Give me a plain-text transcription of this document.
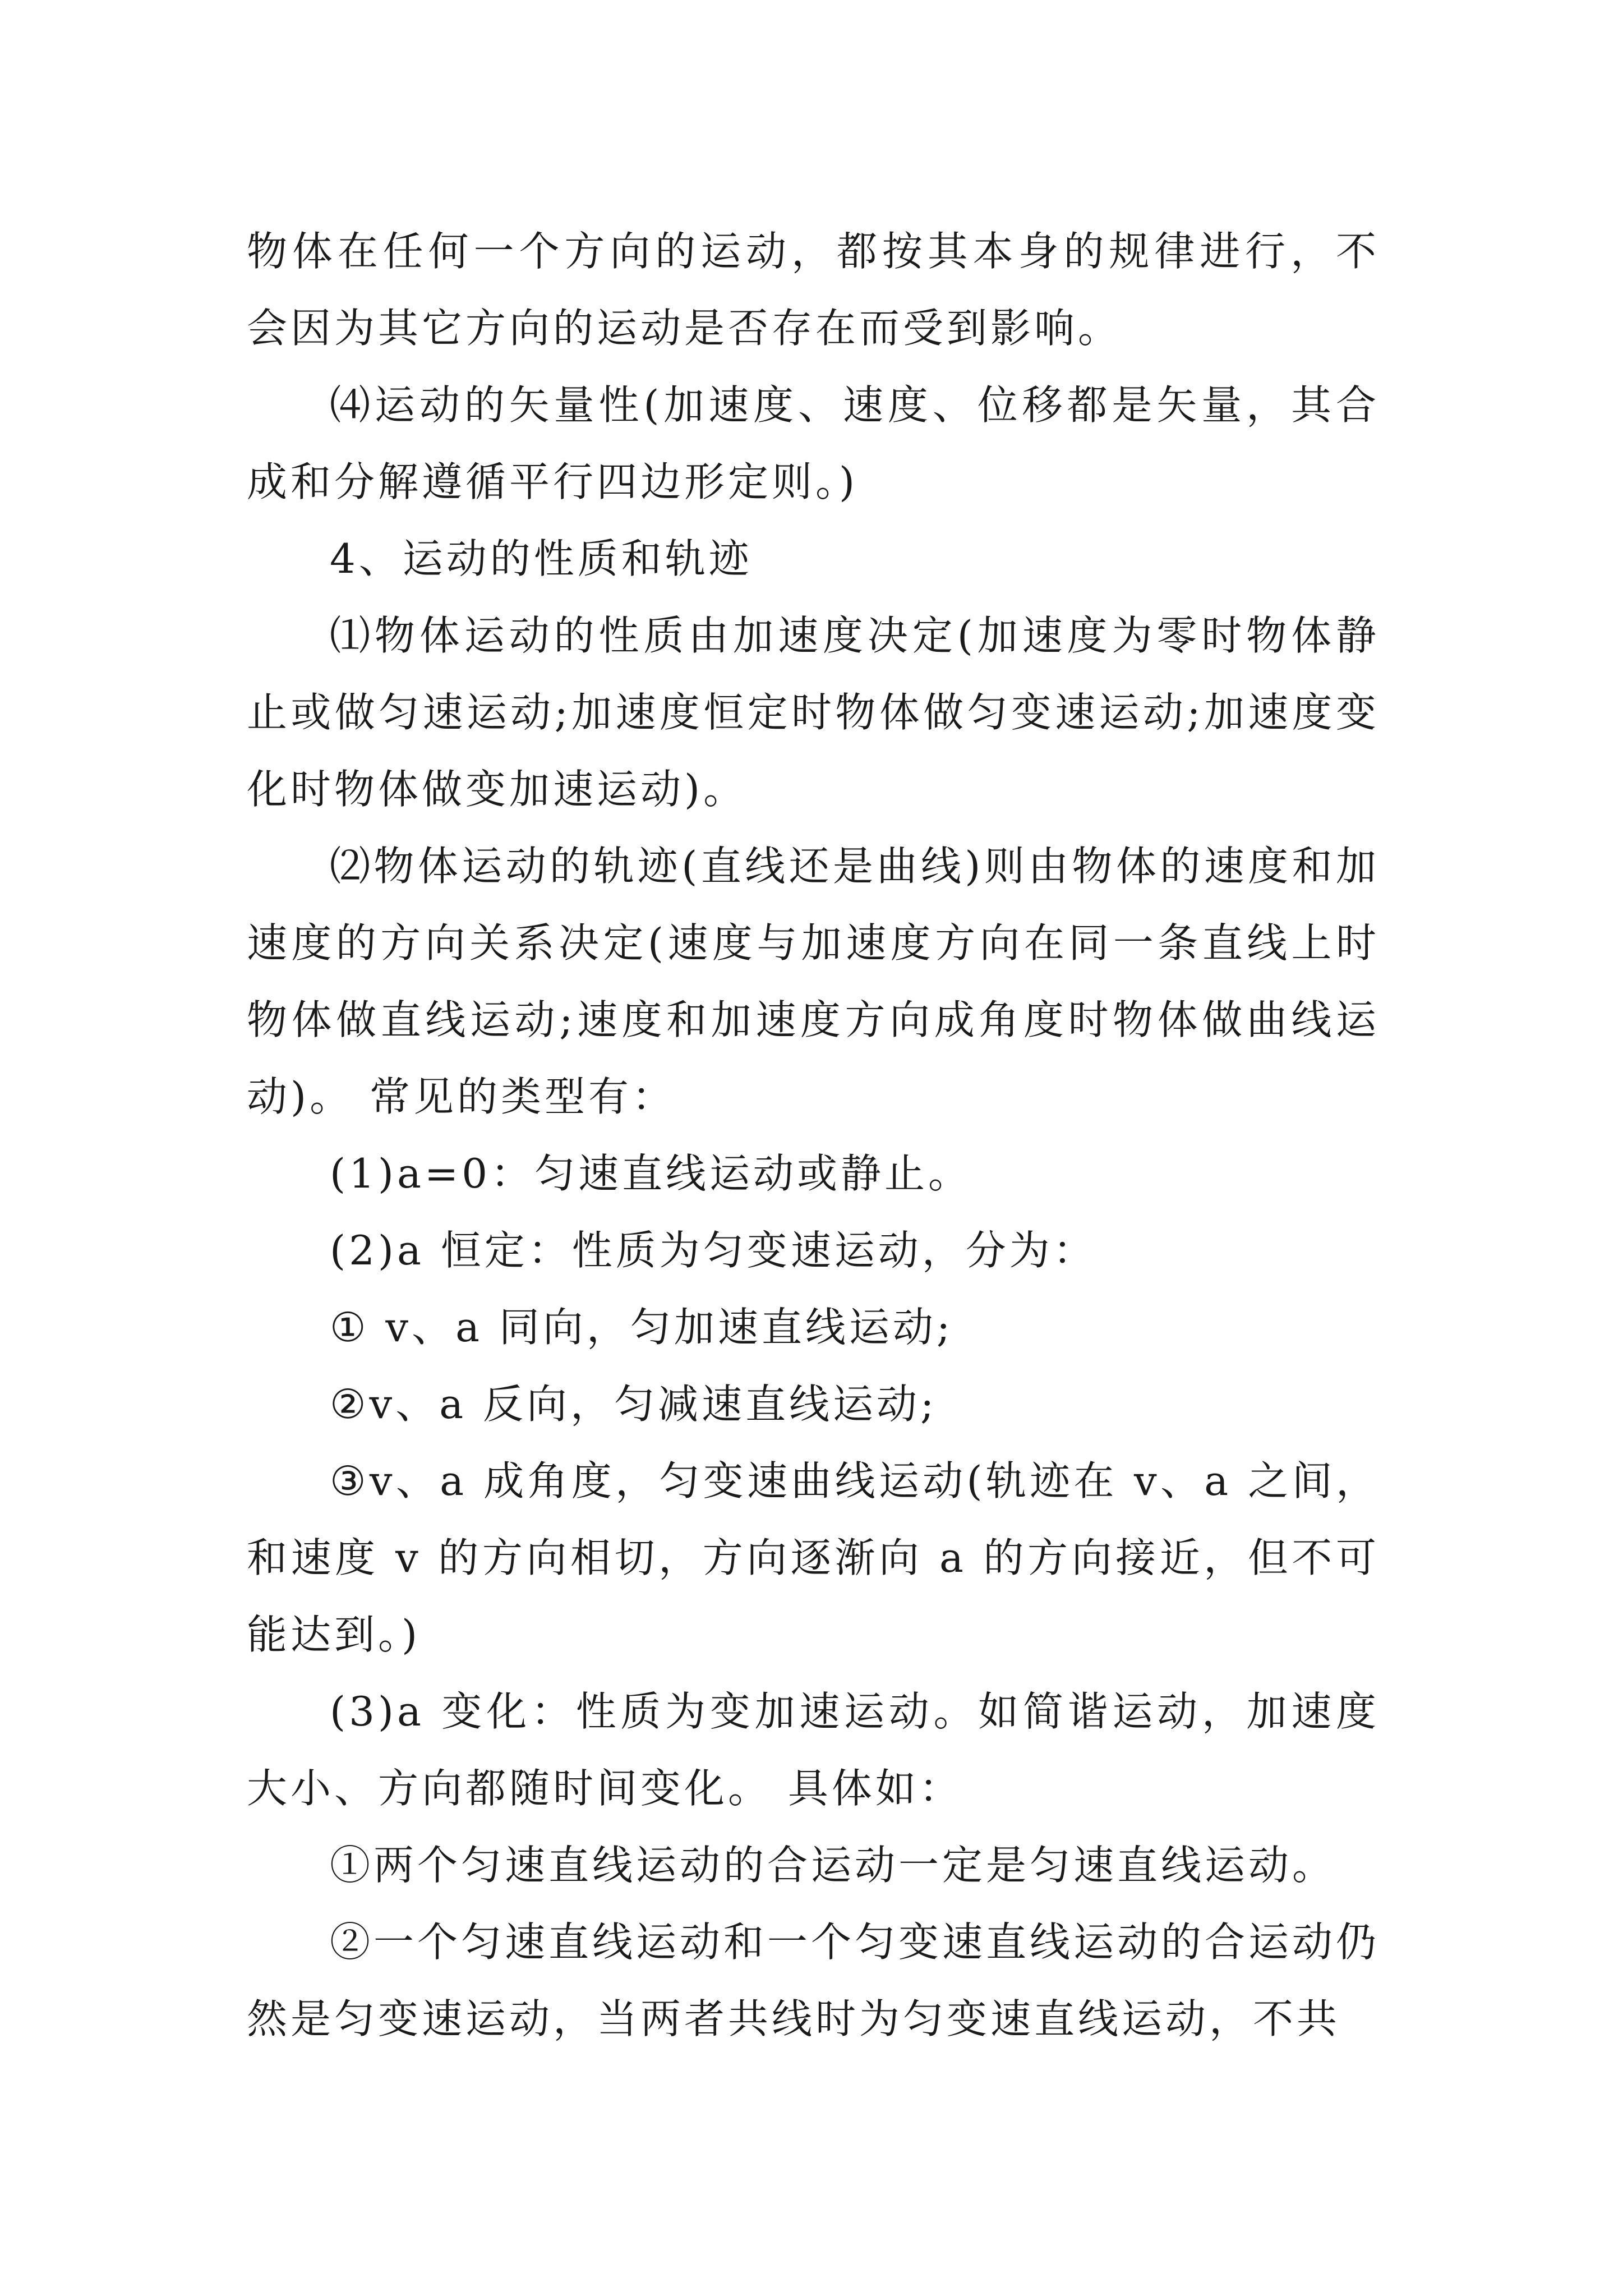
物体在任何一个方向的运动，都按其本身的规律进行，不会因为其它方向的运动是否存在而受到影响。

⑷运动的矢量性(加速度、速度、位移都是矢量，其合成和分解遵循平行四边形定则。)

4、运动的性质和轨迹

⑴物体运动的性质由加速度决定(加速度为零时物体静止或做匀速运动;加速度恒定时物体做匀变速运动;加速度变化时物体做变加速运动)。

⑵物体运动的轨迹(直线还是曲线)则由物体的速度和加速度的方向关系决定(速度与加速度方向在同一条直线上时物体做直线运动;速度和加速度方向成角度时物体做曲线运动)。 常见的类型有：

(1)a=0：匀速直线运动或静止。

(2)a 恒定：性质为匀变速运动，分为：

① v、a 同向，匀加速直线运动;

②v、a 反向，匀减速直线运动;

③v、a 成角度，匀变速曲线运动(轨迹在 v、a 之间，和速度 v 的方向相切，方向逐渐向 a 的方向接近，但不可能达到。)

(3)a 变化：性质为变加速运动。如简谐运动，加速度大小、方向都随时间变化。 具体如：

①两个匀速直线运动的合运动一定是匀速直线运动。

②一个匀速直线运动和一个匀变速直线运动的合运动仍然是匀变速运动，当两者共线时为匀变速直线运动，不共
